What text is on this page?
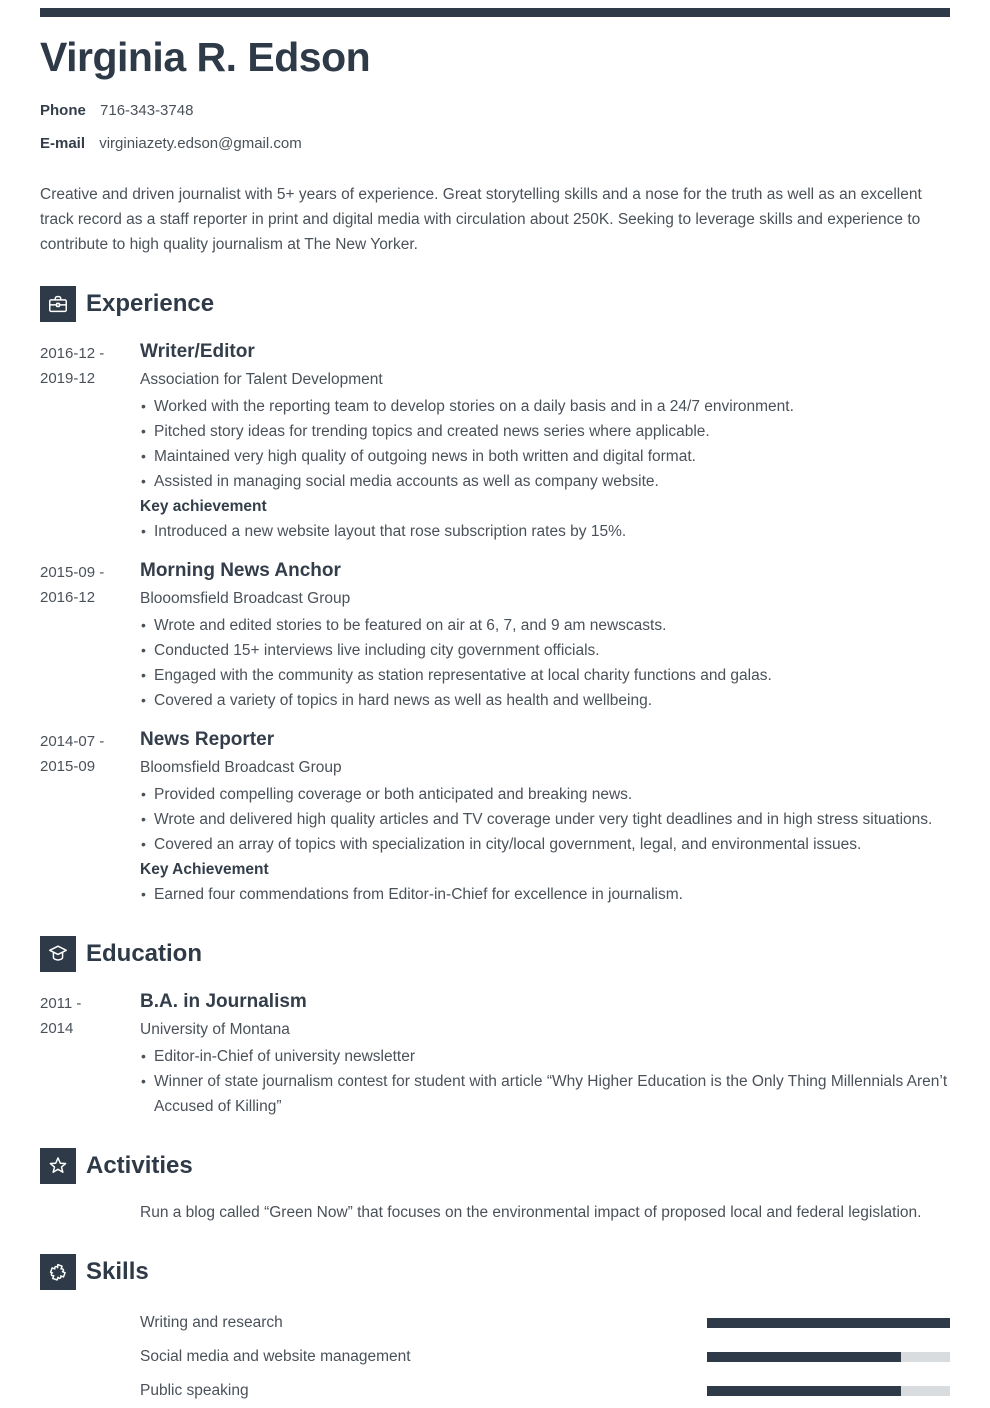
Virginia R. Edson
Phone 716-343-3748
E-mail virginiazety.edson@gmail.com

Creative and driven journalist with 5+ years of experience. Great storytelling skills and a nose for the truth as well as an excellent track record as a staff reporter in print and digital media with circulation about 250K. Seeking to leverage skills and experience to contribute to high quality journalism at The New Yorker.

Experience
2016-12 -
2019-12
Writer/Editor
Association for Talent Development
• Worked with the reporting team to develop stories on a daily basis and in a 24/7 environment.
• Pitched story ideas for trending topics and created news series where applicable.
• Maintained very high quality of outgoing news in both written and digital format.
• Assisted in managing social media accounts as well as company website.
Key achievement
• Introduced a new website layout that rose subscription rates by 15%.
2015-09 -
2016-12
Morning News Anchor
Blooomsfield Broadcast Group
• Wrote and edited stories to be featured on air at 6, 7, and 9 am newscasts.
• Conducted 15+ interviews live including city government officials.
• Engaged with the community as station representative at local charity functions and galas.
• Covered a variety of topics in hard news as well as health and wellbeing.
2014-07 -
2015-09
News Reporter
Bloomsfield Broadcast Group
• Provided compelling coverage or both anticipated and breaking news.
• Wrote and delivered high quality articles and TV coverage under very tight deadlines and in high stress situations.
• Covered an array of topics with specialization in city/local government, legal, and environmental issues.
Key Achievement
• Earned four commendations from Editor-in-Chief for excellence in journalism.
Education
2011 -
2014
B.A. in Journalism
University of Montana
• Editor-in-Chief of university newsletter
• Winner of state journalism contest for student with article “Why Higher Education is the Only Thing Millennials Aren’t Accused of Killing”
Activities
Run a blog called “Green Now” that focuses on the environmental impact of proposed local and federal legislation.
Skills
Writing and research
Social media and website management
Public speaking
